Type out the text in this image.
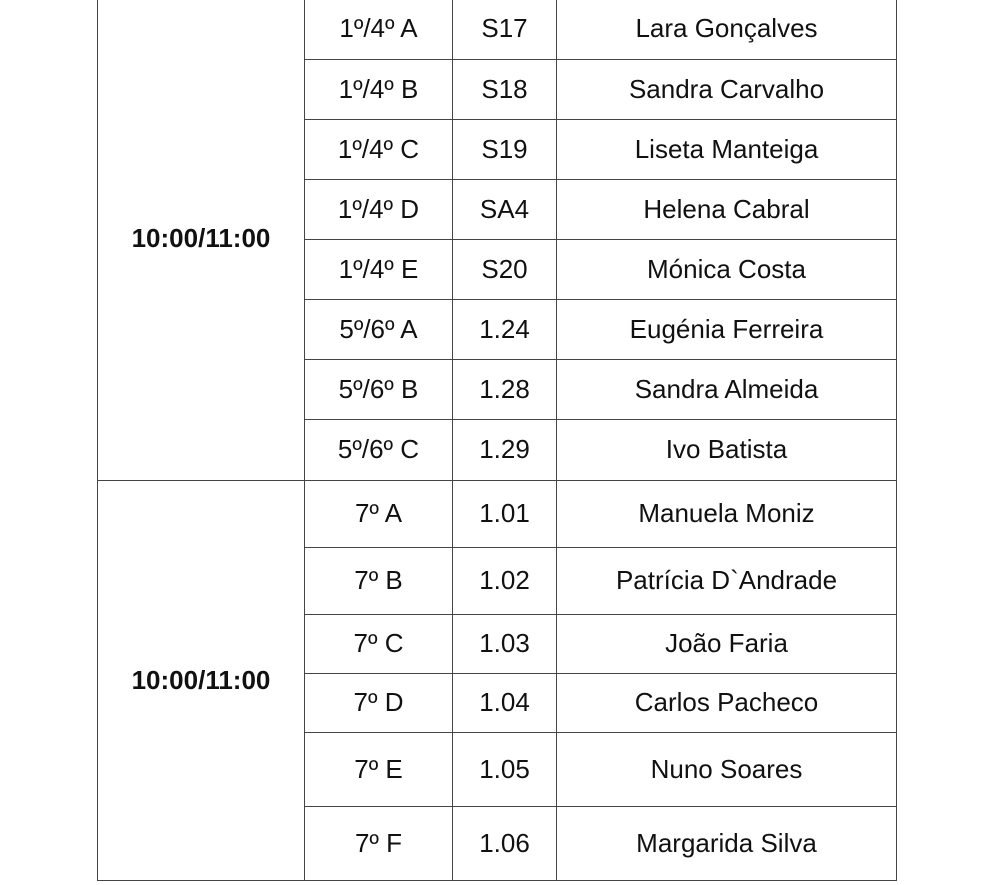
10:00/11:00	1º/4º A	S17	Lara Gonçalves
	1º/4º B	S18	Sandra Carvalho
	1º/4º C	S19	Liseta Manteiga
	1º/4º D	SA4	Helena Cabral
	1º/4º E	S20	Mónica Costa
	5º/6º A	1.24	Eugénia Ferreira
	5º/6º B	1.28	Sandra Almeida
	5º/6º C	1.29	Ivo Batista
10:00/11:00	7º A	1.01	Manuela Moniz
	7º B	1.02	Patrícia D`Andrade
	7º C	1.03	João Faria
	7º D	1.04	Carlos Pacheco
	7º E	1.05	Nuno Soares
	7º F	1.06	Margarida Silva
